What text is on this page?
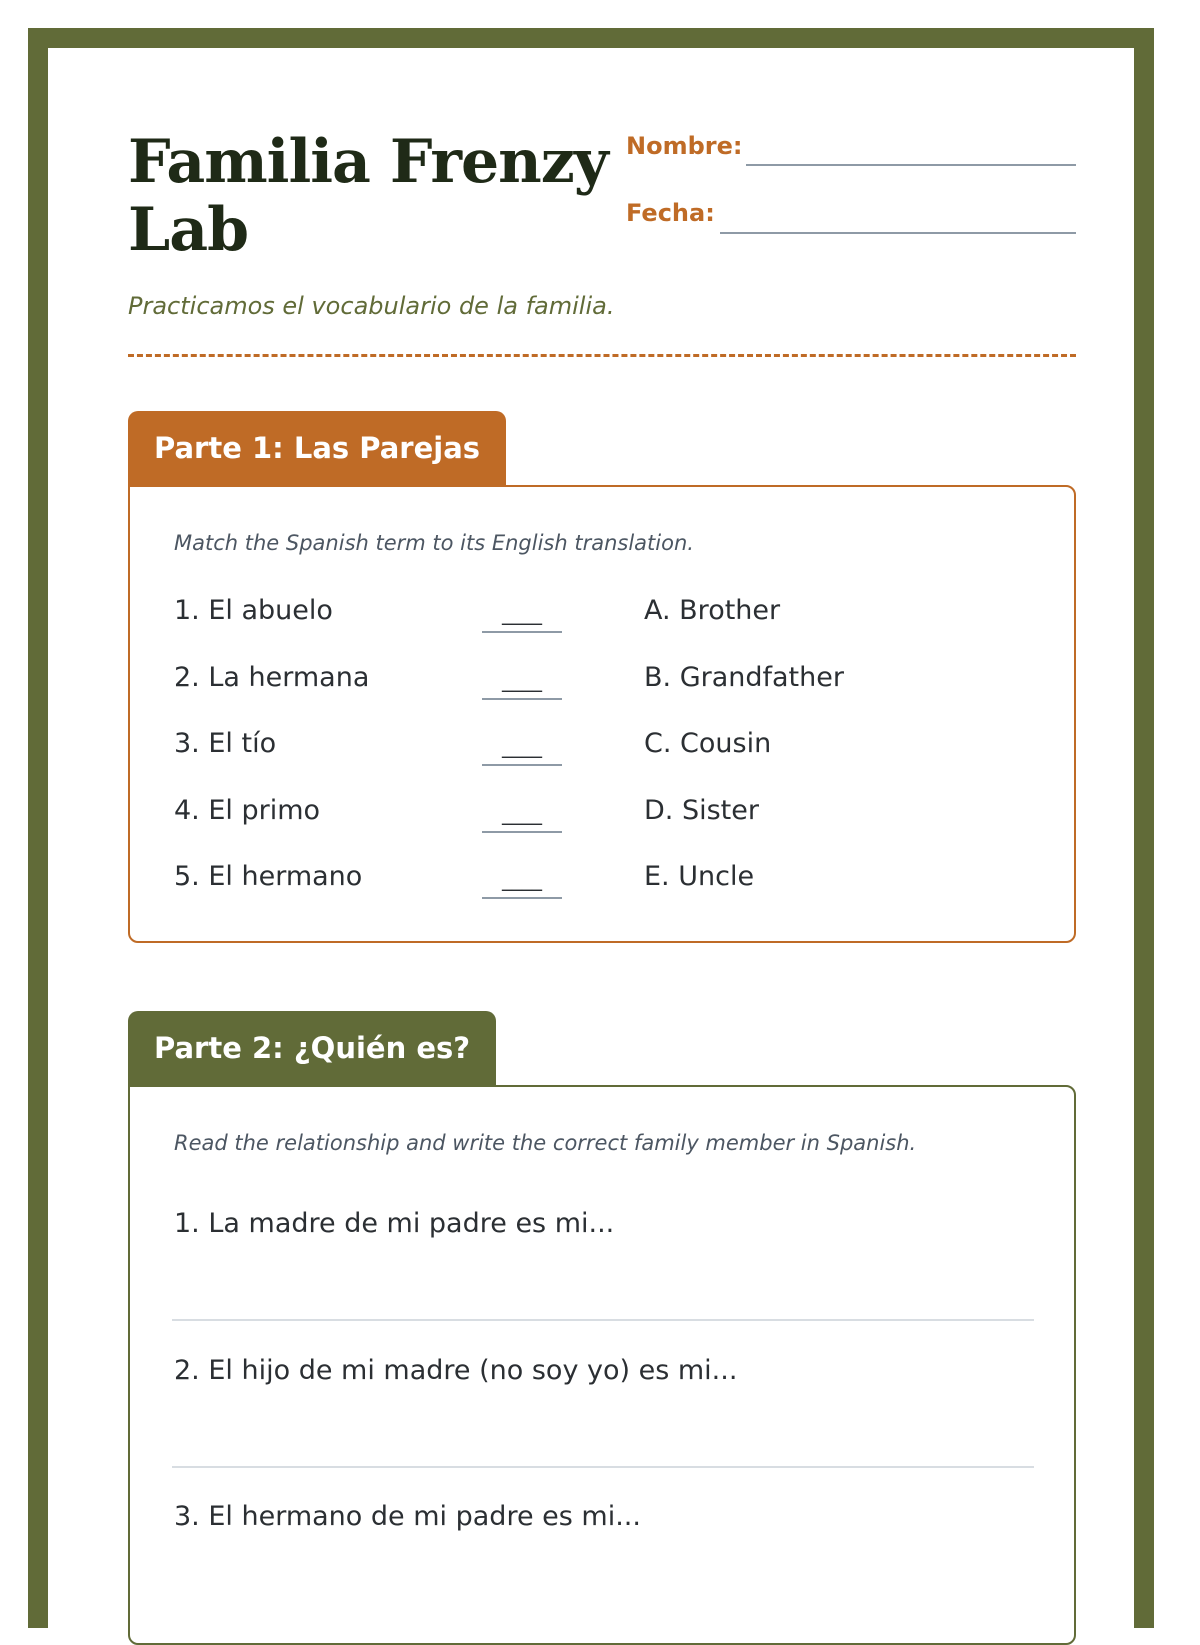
Familia Frenzy Lab
Nombre:
Fecha:
Practicamos el vocabulario de la familia.
Parte 1: Las Parejas
Match the Spanish term to its English translation.
1. El abuelo	____	A. Brother
2. La hermana	____	B. Grandfather
3. El tío	____	C. Cousin
4. El primo	____	D. Sister
5. El hermano	____	E. Uncle
Parte 2: ¿Quién es?
Read the relationship and write the correct family member in Spanish.
1. La madre de mi padre es mi...
2. El hijo de mi madre (no soy yo) es mi...
3. El hermano de mi padre es mi...
